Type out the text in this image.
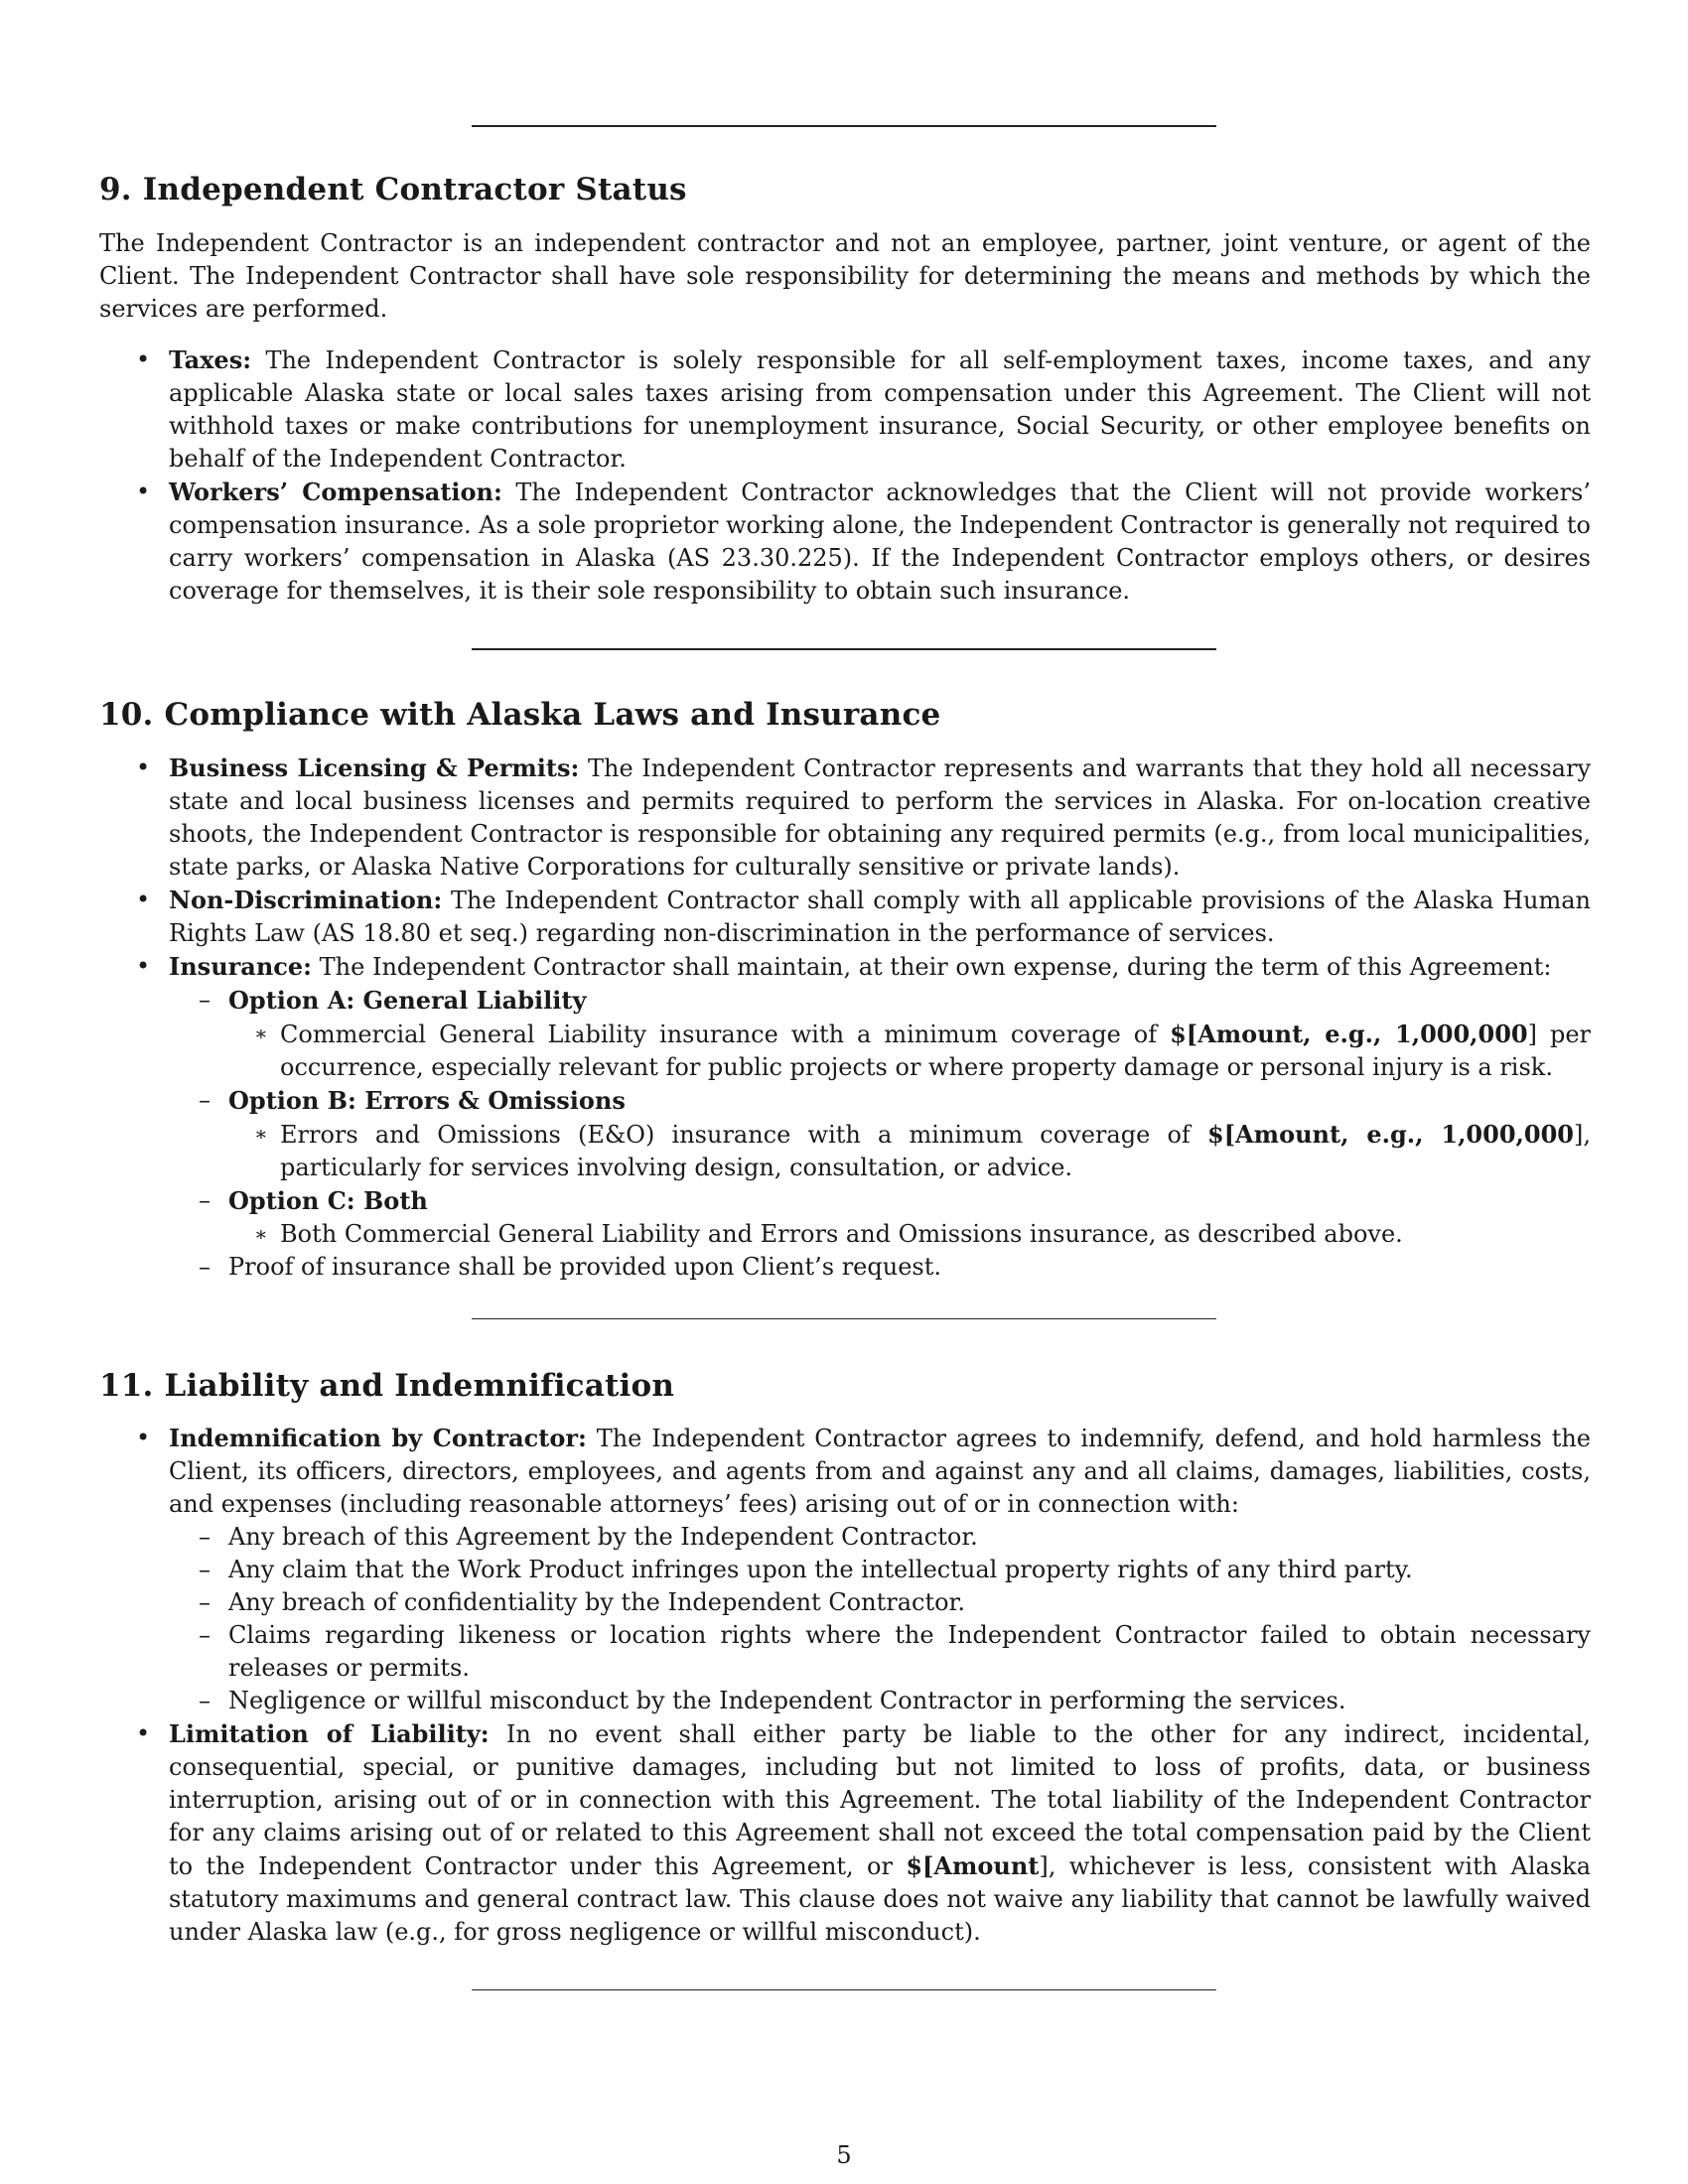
9. Independent Contractor Status

The Independent Contractor is an independent contractor and not an employee, partner, joint venture, or agent of the Client. The Independent Contractor shall have sole responsibility for determining the means and methods by which the services are performed.

• Taxes: The Independent Contractor is solely responsible for all self-employment taxes, income taxes, and any applicable Alaska state or local sales taxes arising from compensation under this Agreement. The Client will not withhold taxes or make contributions for unemployment insurance, Social Security, or other employee benefits on behalf of the Independent Contractor.
• Workers’ Compensation: The Independent Contractor acknowledges that the Client will not provide workers’ compensation insurance. As a sole proprietor working alone, the Independent Contractor is generally not required to carry workers’ compensation in Alaska (AS 23.30.225). If the Independent Contractor employs others, or desires coverage for themselves, it is their sole responsibility to obtain such insurance.
10. Compliance with Alaska Laws and Insurance
• Business Licensing & Permits: The Independent Contractor represents and warrants that they hold all necessary state and local business licenses and permits required to perform the services in Alaska. For on-location creative shoots, the Independent Contractor is responsible for obtaining any required permits (e.g., from local municipalities, state parks, or Alaska Native Corporations for culturally sensitive or private lands).
• Non-Discrimination: The Independent Contractor shall comply with all applicable provisions of the Alaska Human Rights Law (AS 18.80 et seq.) regarding non-discrimination in the performance of services.
• Insurance: The Independent Contractor shall maintain, at their own expense, during the term of this Agreement:
– Option A: General Liability
∗ Commercial General Liability insurance with a minimum coverage of $[Amount, e.g., 1,000,000] per occurrence, especially relevant for public projects or where property damage or personal injury is a risk.
– Option B: Errors & Omissions
∗ Errors and Omissions (E&O) insurance with a minimum coverage of $[Amount, e.g., 1,000,000], particularly for services involving design, consultation, or advice.
– Option C: Both
∗ Both Commercial General Liability and Errors and Omissions insurance, as described above.
– Proof of insurance shall be provided upon Client’s request.
11. Liability and Indemnification
• Indemnification by Contractor: The Independent Contractor agrees to indemnify, defend, and hold harmless the Client, its officers, directors, employees, and agents from and against any and all claims, damages, liabilities, costs, and expenses (including reasonable attorneys’ fees) arising out of or in connection with:
– Any breach of this Agreement by the Independent Contractor.
– Any claim that the Work Product infringes upon the intellectual property rights of any third party.
– Any breach of confidentiality by the Independent Contractor.
– Claims regarding likeness or location rights where the Independent Contractor failed to obtain necessary releases or permits.
– Negligence or willful misconduct by the Independent Contractor in performing the services.
• Limitation of Liability: In no event shall either party be liable to the other for any indirect, incidental, consequential, special, or punitive damages, including but not limited to loss of profits, data, or business interruption, arising out of or in connection with this Agreement. The total liability of the Independent Contractor for any claims arising out of or related to this Agreement shall not exceed the total compensation paid by the Client to the Independent Contractor under this Agreement, or $[Amount], whichever is less, consistent with Alaska statutory maximums and general contract law. This clause does not waive any liability that cannot be lawfully waived under Alaska law (e.g., for gross negligence or willful misconduct).
5
